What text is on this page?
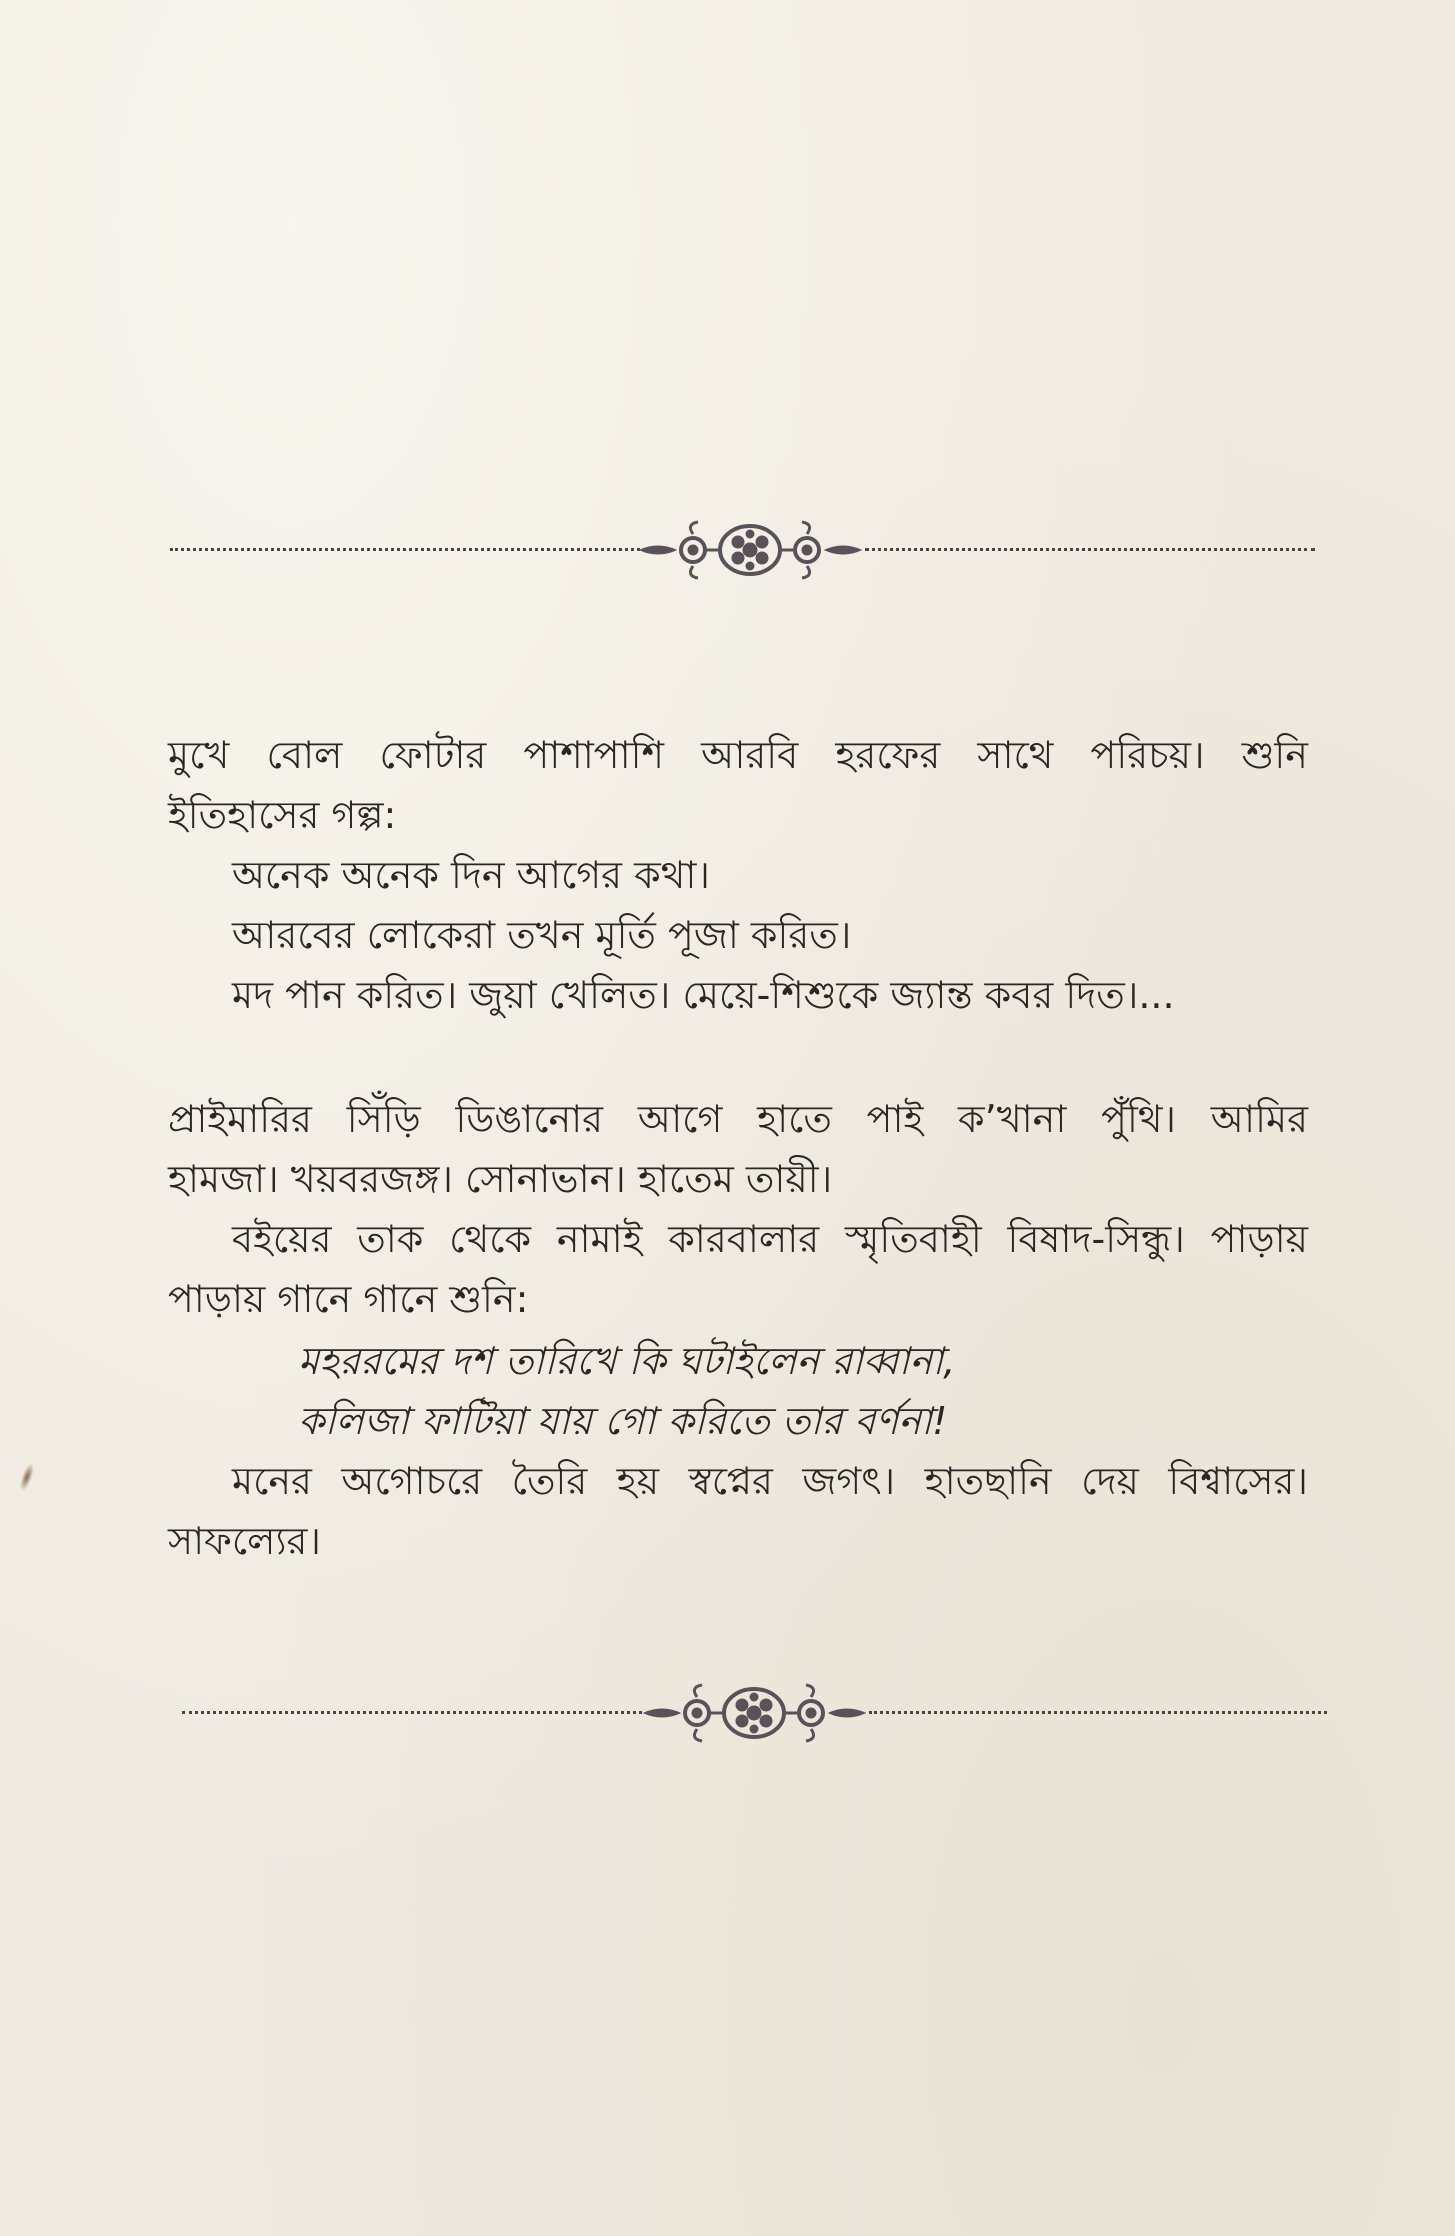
মুখে বোল ফোটার পাশাপাশি আরবি হরফের সাথে পরিচয়। শুনি
ইতিহাসের গল্প:
অনেক অনেক দিন আগের কথা।
আরবের লোকেরা তখন মূর্তি পূজা করিত।
মদ পান করিত। জুয়া খেলিত। মেয়ে-শিশুকে জ্যান্ত কবর দিত।...
প্রাইমারির সিঁড়ি ডিঙানোর আগে হাতে পাই ক’খানা পুঁথি। আমির
হামজা। খয়বরজঙ্গ। সোনাভান। হাতেম তায়ী।
বইয়ের তাক থেকে নামাই কারবালার স্মৃতিবাহী বিষাদ-সিন্ধু। পাড়ায়
পাড়ায় গানে গানে শুনি:
মহররমের দশ তারিখে কি ঘটাইলেন রাব্বানা,
কলিজা ফাটিয়া যায় গো করিতে তার বর্ণনা!
মনের অগোচরে তৈরি হয় স্বপ্নের জগৎ। হাতছানি দেয় বিশ্বাসের।
সাফল্যের।
